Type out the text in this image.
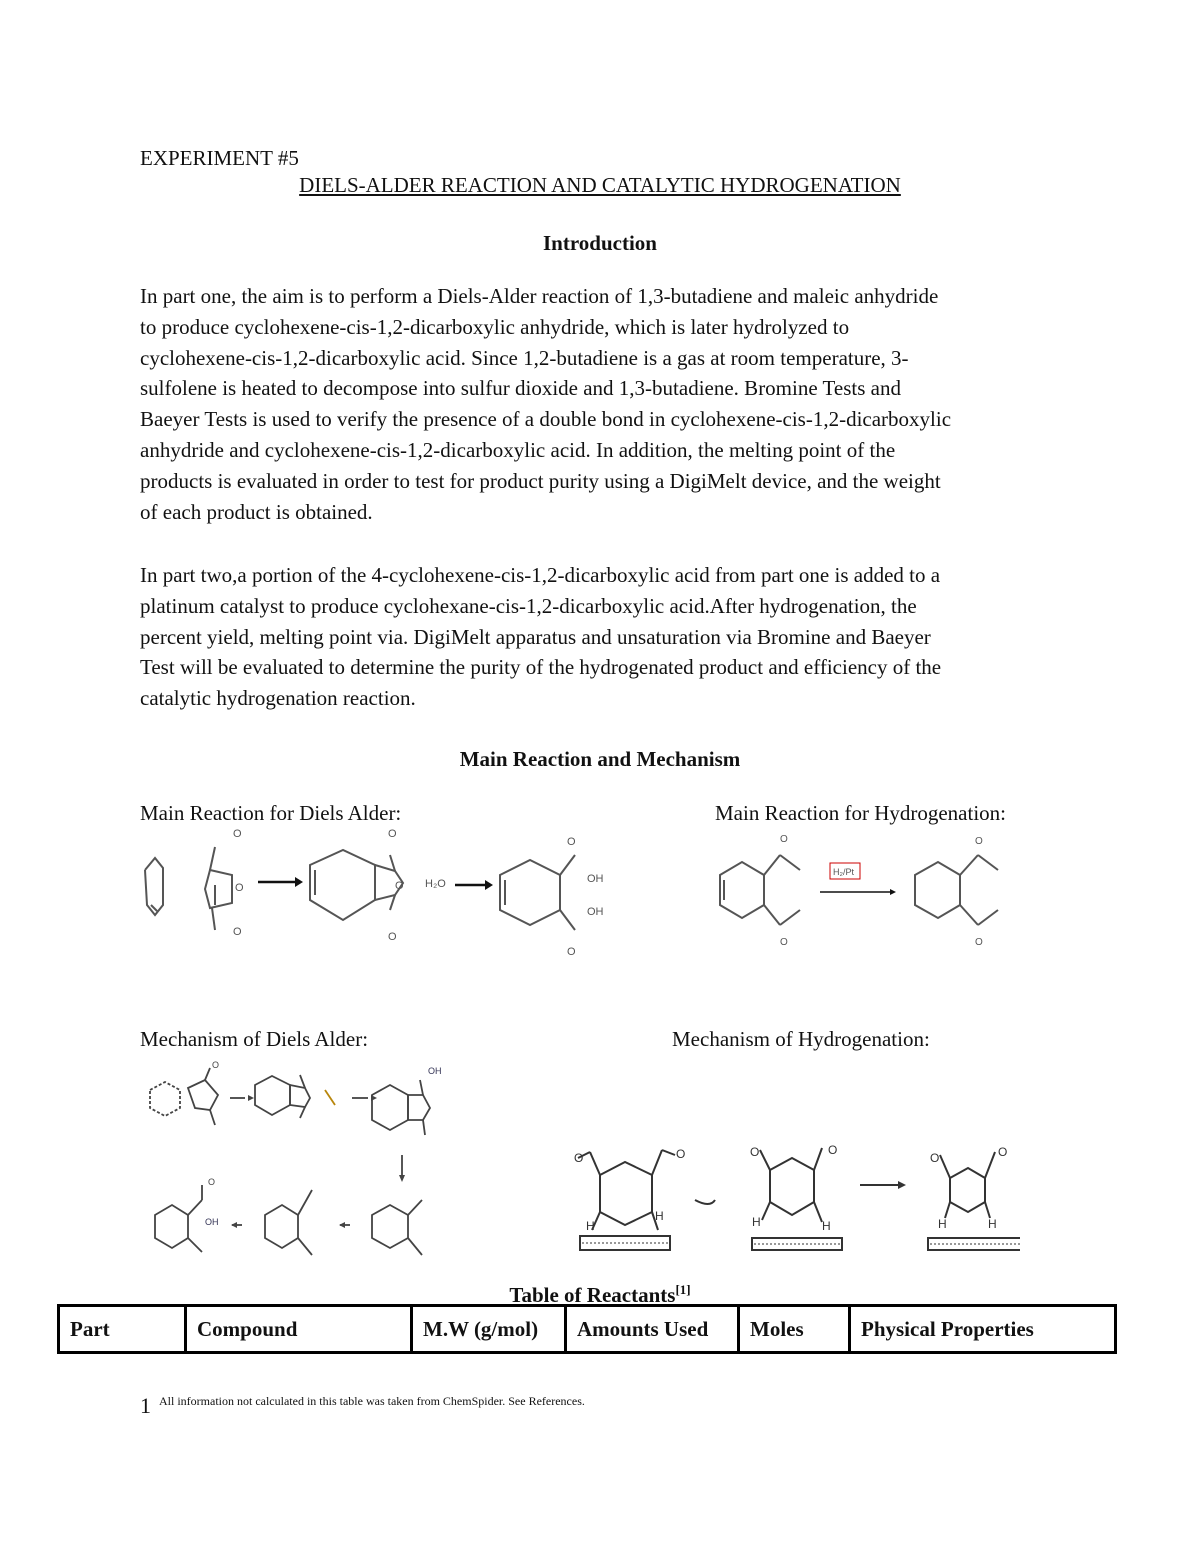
EXPERIMENT #5
DIELS-ALDER REACTION AND CATALYTIC HYDROGENATION
Introduction
In part one, the aim is to perform a Diels-Alder reaction of 1,3-butadiene and maleic anhydride
to produce cyclohexene-cis-1,2-dicarboxylic anhydride, which is later hydrolyzed to
cyclohexene-cis-1,2-dicarboxylic acid. Since 1,2-butadiene is a gas at room temperature, 3-
sulfolene is heated to decompose into sulfur dioxide and 1,3-butadiene. Bromine Tests and
Baeyer Tests is used to verify the presence of a double bond in cyclohexene-cis-1,2-dicarboxylic
anhydride and cyclohexene-cis-1,2-dicarboxylic acid. In addition, the melting point of the
products is evaluated in order to test for product purity using a DigiMelt device, and the weight
of each product is obtained.
In part two,a portion of the 4-cyclohexene-cis-1,2-dicarboxylic acid from part one is added to a
platinum catalyst to produce cyclohexane-cis-1,2-dicarboxylic acid.After hydrogenation, the
percent yield, melting point via. DigiMelt apparatus and unsaturation via Bromine and Baeyer
Test will be evaluated to determine the purity of the hydrogenated product and efficiency of the
catalytic hydrogenation reaction.
Main Reaction and Mechanism
Main Reaction for Diels Alder:	Main Reaction for Hydrogenation:
O
O
O
O
O
O H₂O
O
OH
OH
O
O
O
O
O
H₂/Pt
Mechanism of Diels Alder:	Mechanism of Hydrogenation:
O
O
OH
OH
O	O
H
H
O	O
H	H
O	O
H	H
Table of Reactants[1]
Part	Compound	M.W (g/mol)	Amounts Used	Moles	Physical Properties
1 All information not calculated in this table was taken from ChemSpider. See References.
